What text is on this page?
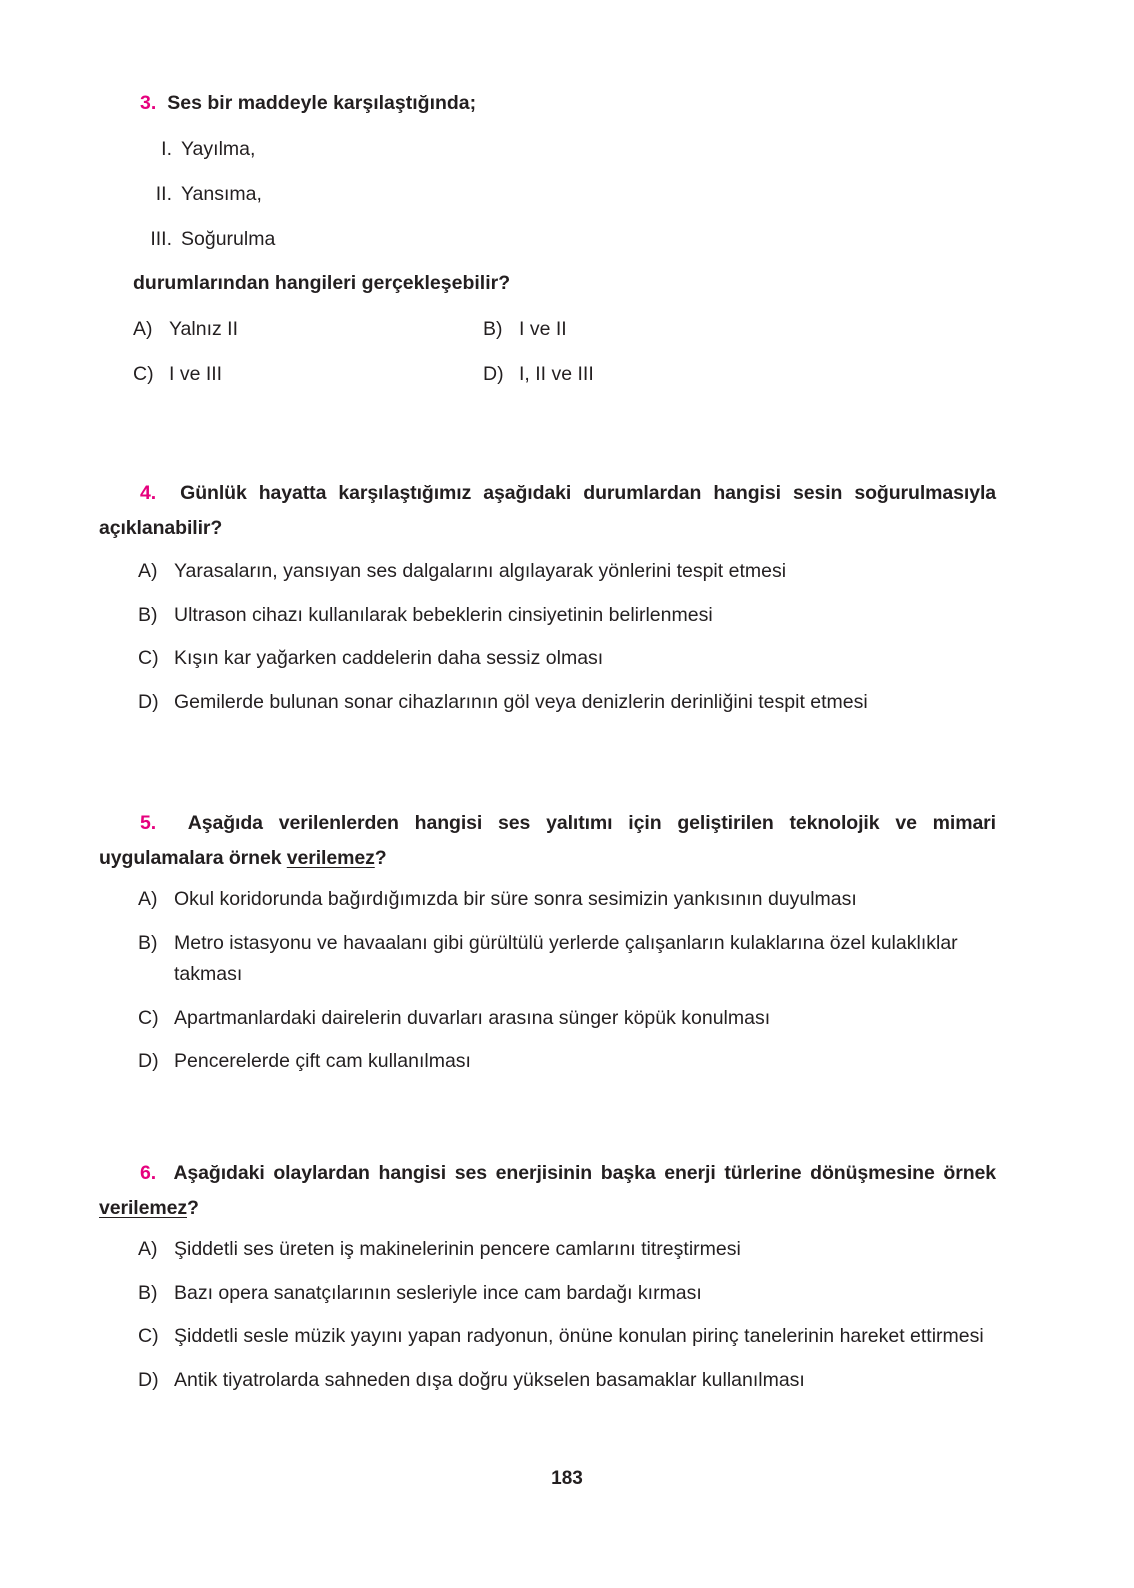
3. Ses bir maddeyle karşılaştığında;
I. Yayılma,
II. Yansıma,
III. Soğurulma
durumlarından hangileri gerçekleşebilir?
A) Yalnız II	B) I ve II
C) I ve III	D) I, II ve III

4. Günlük hayatta karşılaştığımız aşağıdaki durumlardan hangisi sesin soğurulmasıyla açıklanabilir?

A) Yarasaların, yansıyan ses dalgalarını algılayarak yönlerini tespit etmesi
B) Ultrason cihazı kullanılarak bebeklerin cinsiyetinin belirlenmesi
C) Kışın kar yağarken caddelerin daha sessiz olması
D) Gemilerde bulunan sonar cihazlarının göl veya denizlerin derinliğini tespit etmesi

5. Aşağıda verilenlerden hangisi ses yalıtımı için geliştirilen teknolojik ve mimari uygulamalara örnek verilemez?

A) Okul koridorunda bağırdığımızda bir süre sonra sesimizin yankısının duyulması
B) Metro istasyonu ve havaalanı gibi gürültülü yerlerde çalışanların kulaklarına özel kulaklıklar takması
C) Apartmanlardaki dairelerin duvarları arasına sünger köpük konulması
D) Pencerelerde çift cam kullanılması

6. Aşağıdaki olaylardan hangisi ses enerjisinin başka enerji türlerine dönüşmesine örnek verilemez?

A) Şiddetli ses üreten iş makinelerinin pencere camlarını titreştirmesi
B) Bazı opera sanatçılarının sesleriyle ince cam bardağı kırması
C) Şiddetli sesle müzik yayını yapan radyonun, önüne konulan pirinç tanelerinin hareket ettirmesi
D) Antik tiyatrolarda sahneden dışa doğru yükselen basamaklar kullanılması
183
